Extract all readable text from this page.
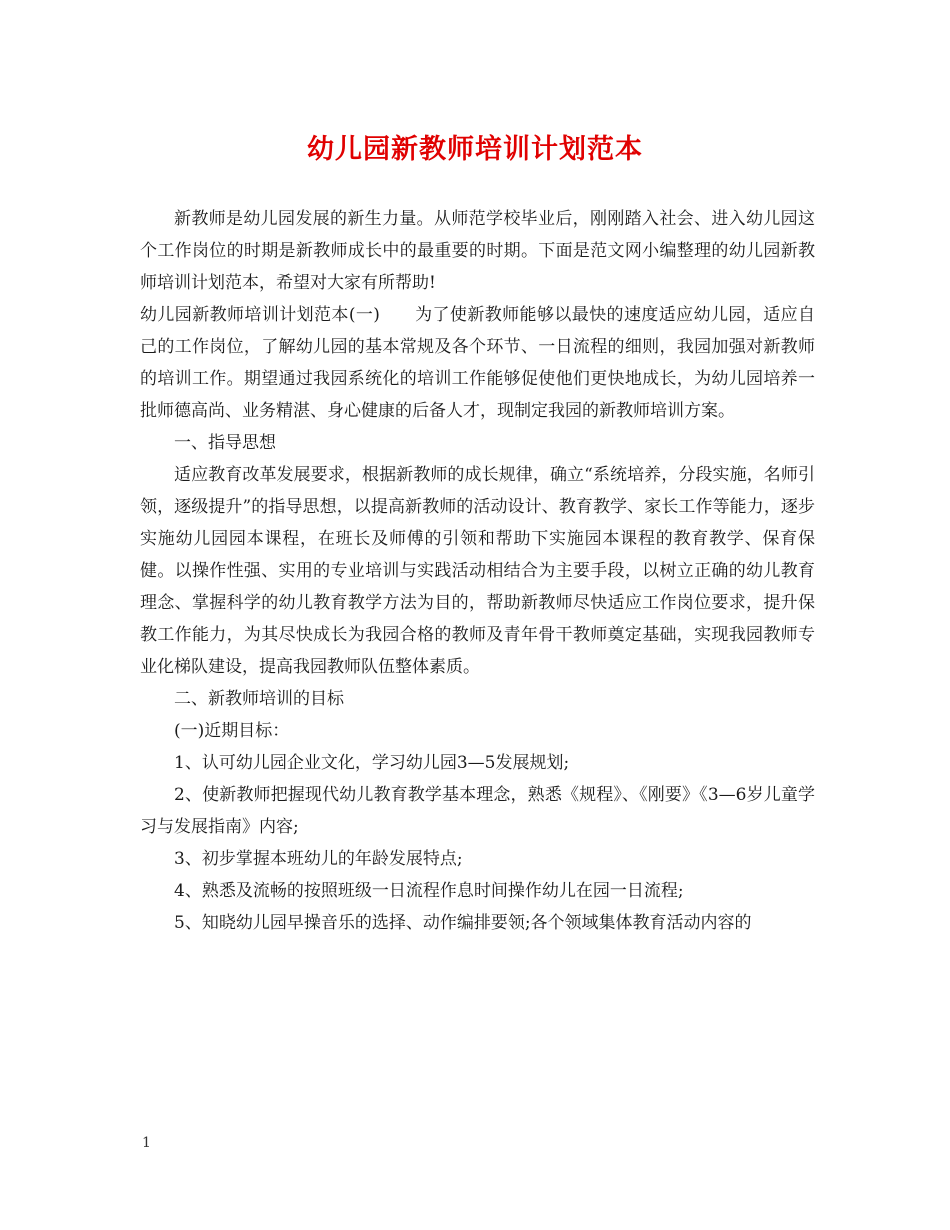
幼儿园新教师培训计划范本

新教师是幼儿园发展的新生力量。从师范学校毕业后，刚刚踏入社会、进入幼儿园这个工作岗位的时期是新教师成长中的最重要的时期。下面是范文网小编整理的幼儿园新教师培训计划范本，希望对大家有所帮助!

幼儿园新教师培训计划范本(一)　　为了使新教师能够以最快的速度适应幼儿园，适应自己的工作岗位，了解幼儿园的基本常规及各个环节、一日流程的细则，我园加强对新教师的培训工作。期望通过我园系统化的培训工作能够促使他们更快地成长，为幼儿园培养一批师德高尚、业务精湛、身心健康的后备人才，现制定我园的新教师培训方案。

一、指导思想

适应教育改革发展要求，根据新教师的成长规律，确立“系统培养，分段实施，名师引领，逐级提升”的指导思想，以提高新教师的活动设计、教育教学、家长工作等能力，逐步实施幼儿园园本课程，在班长及师傅的引领和帮助下实施园本课程的教育教学、保育保健。以操作性强、实用的专业培训与实践活动相结合为主要手段，以树立正确的幼儿教育理念、掌握科学的幼儿教育教学方法为目的，帮助新教师尽快适应工作岗位要求，提升保教工作能力，为其尽快成长为我园合格的教师及青年骨干教师奠定基础，实现我园教师专业化梯队建设，提高我园教师队伍整体素质。

二、新教师培训的目标

(一)近期目标：

1、认可幼儿园企业文化，学习幼儿园3—5发展规划;

2、使新教师把握现代幼儿教育教学基本理念，熟悉《规程》、《刚要》《3—6岁儿童学习与发展指南》内容;

3、初步掌握本班幼儿的年龄发展特点;

4、熟悉及流畅的按照班级一日流程作息时间操作幼儿在园一日流程;

5、知晓幼儿园早操音乐的选择、动作编排要领;各个领域集体教育活动内容的

1
